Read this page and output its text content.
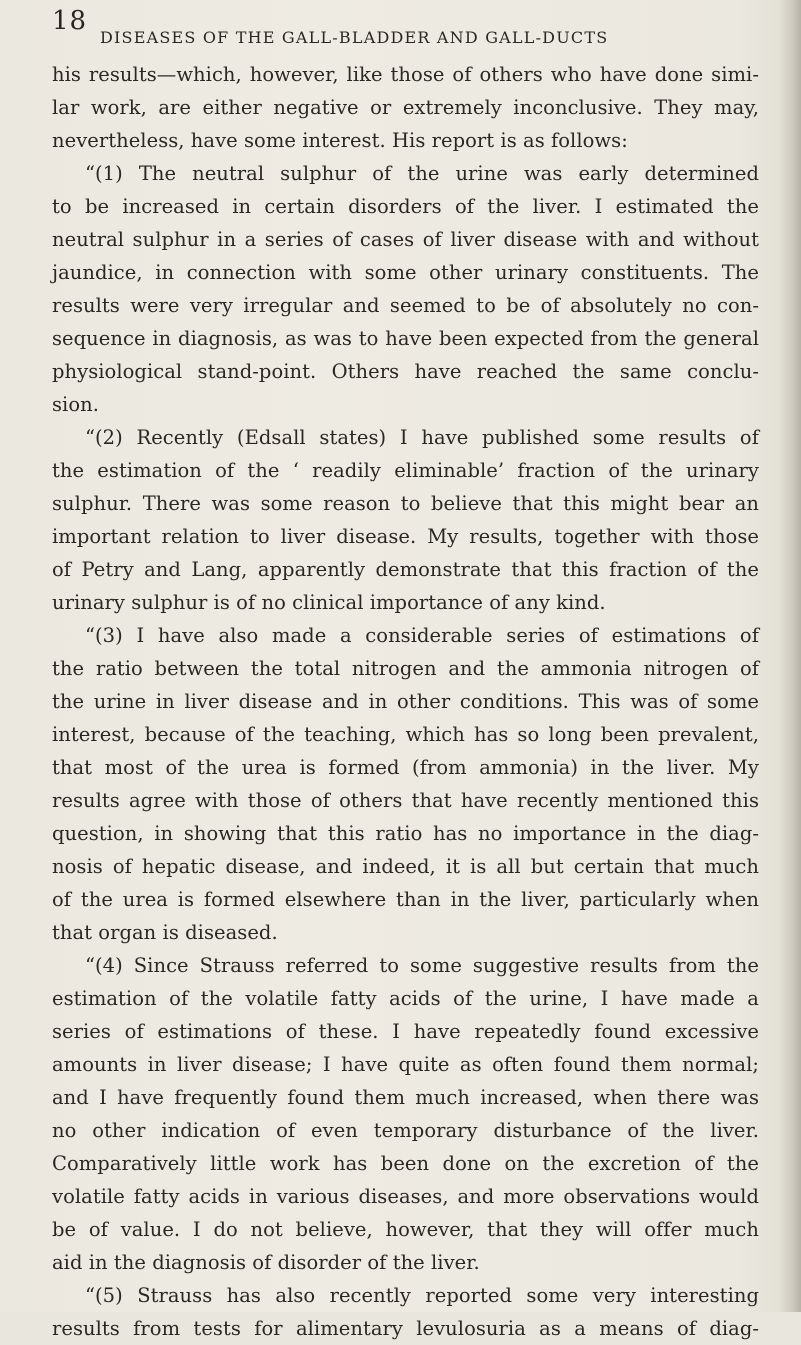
18
DISEASES OF THE GALL-BLADDER AND GALL-DUCTS
his results—which, however, like those of others who have done simi-
lar work, are either negative or extremely inconclusive. They may,
nevertheless, have some interest. His report is as follows:
“(1) The neutral sulphur of the urine was early determined
to be increased in certain disorders of the liver. I estimated the
neutral sulphur in a series of cases of liver disease with and without
jaundice, in connection with some other urinary constituents. The
results were very irregular and seemed to be of absolutely no con-
sequence in diagnosis, as was to have been expected from the general
physiological stand-point. Others have reached the same conclu-
sion.
“(2) Recently (Edsall states) I have published some results of
the estimation of the ‘ readily eliminable’ fraction of the urinary
sulphur. There was some reason to believe that this might bear an
important relation to liver disease. My results, together with those
of Petry and Lang, apparently demonstrate that this fraction of the
urinary sulphur is of no clinical importance of any kind.
“(3) I have also made a considerable series of estimations of
the ratio between the total nitrogen and the ammonia nitrogen of
the urine in liver disease and in other conditions. This was of some
interest, because of the teaching, which has so long been prevalent,
that most of the urea is formed (from ammonia) in the liver. My
results agree with those of others that have recently mentioned this
question, in showing that this ratio has no importance in the diag-
nosis of hepatic disease, and indeed, it is all but certain that much
of the urea is formed elsewhere than in the liver, particularly when
that organ is diseased.
“(4) Since Strauss referred to some suggestive results from the
estimation of the volatile fatty acids of the urine, I have made a
series of estimations of these. I have repeatedly found excessive
amounts in liver disease; I have quite as often found them normal;
and I have frequently found them much increased, when there was
no other indication of even temporary disturbance of the liver.
Comparatively little work has been done on the excretion of the
volatile fatty acids in various diseases, and more observations would
be of value. I do not believe, however, that they will offer much
aid in the diagnosis of disorder of the liver.
“(5) Strauss has also recently reported some very interesting
results from tests for alimentary levulosuria as a means of diag-
